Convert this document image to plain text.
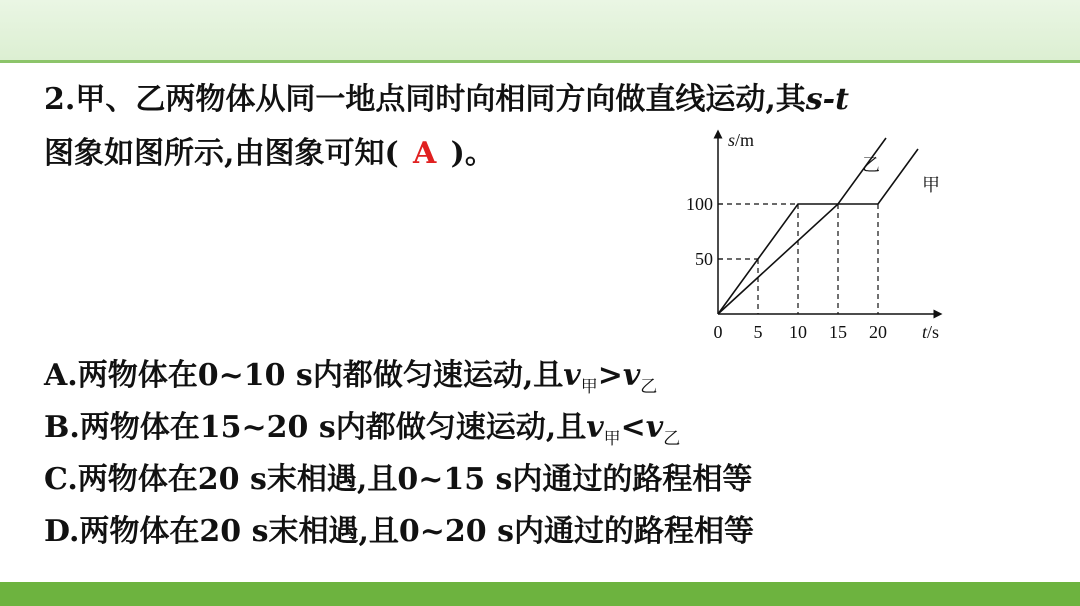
2.甲、乙两物体从同一地点同时向相同方向做直线运动,其s-t
图象如图所示,由图象可知( A )。	乙
甲
0 5 10 15 20
50
100
s/m
t/s
A.两物体在0~10 s内都做匀速运动,且$v_甲>v_乙$
B.两物体在15~20 s内都做匀速运动,且$v_甲<v_乙$
C.两物体在20 s末相遇,且0~15 s内通过的路程相等
D.两物体在20 s末相遇,且0~20 s内通过的路程相等
